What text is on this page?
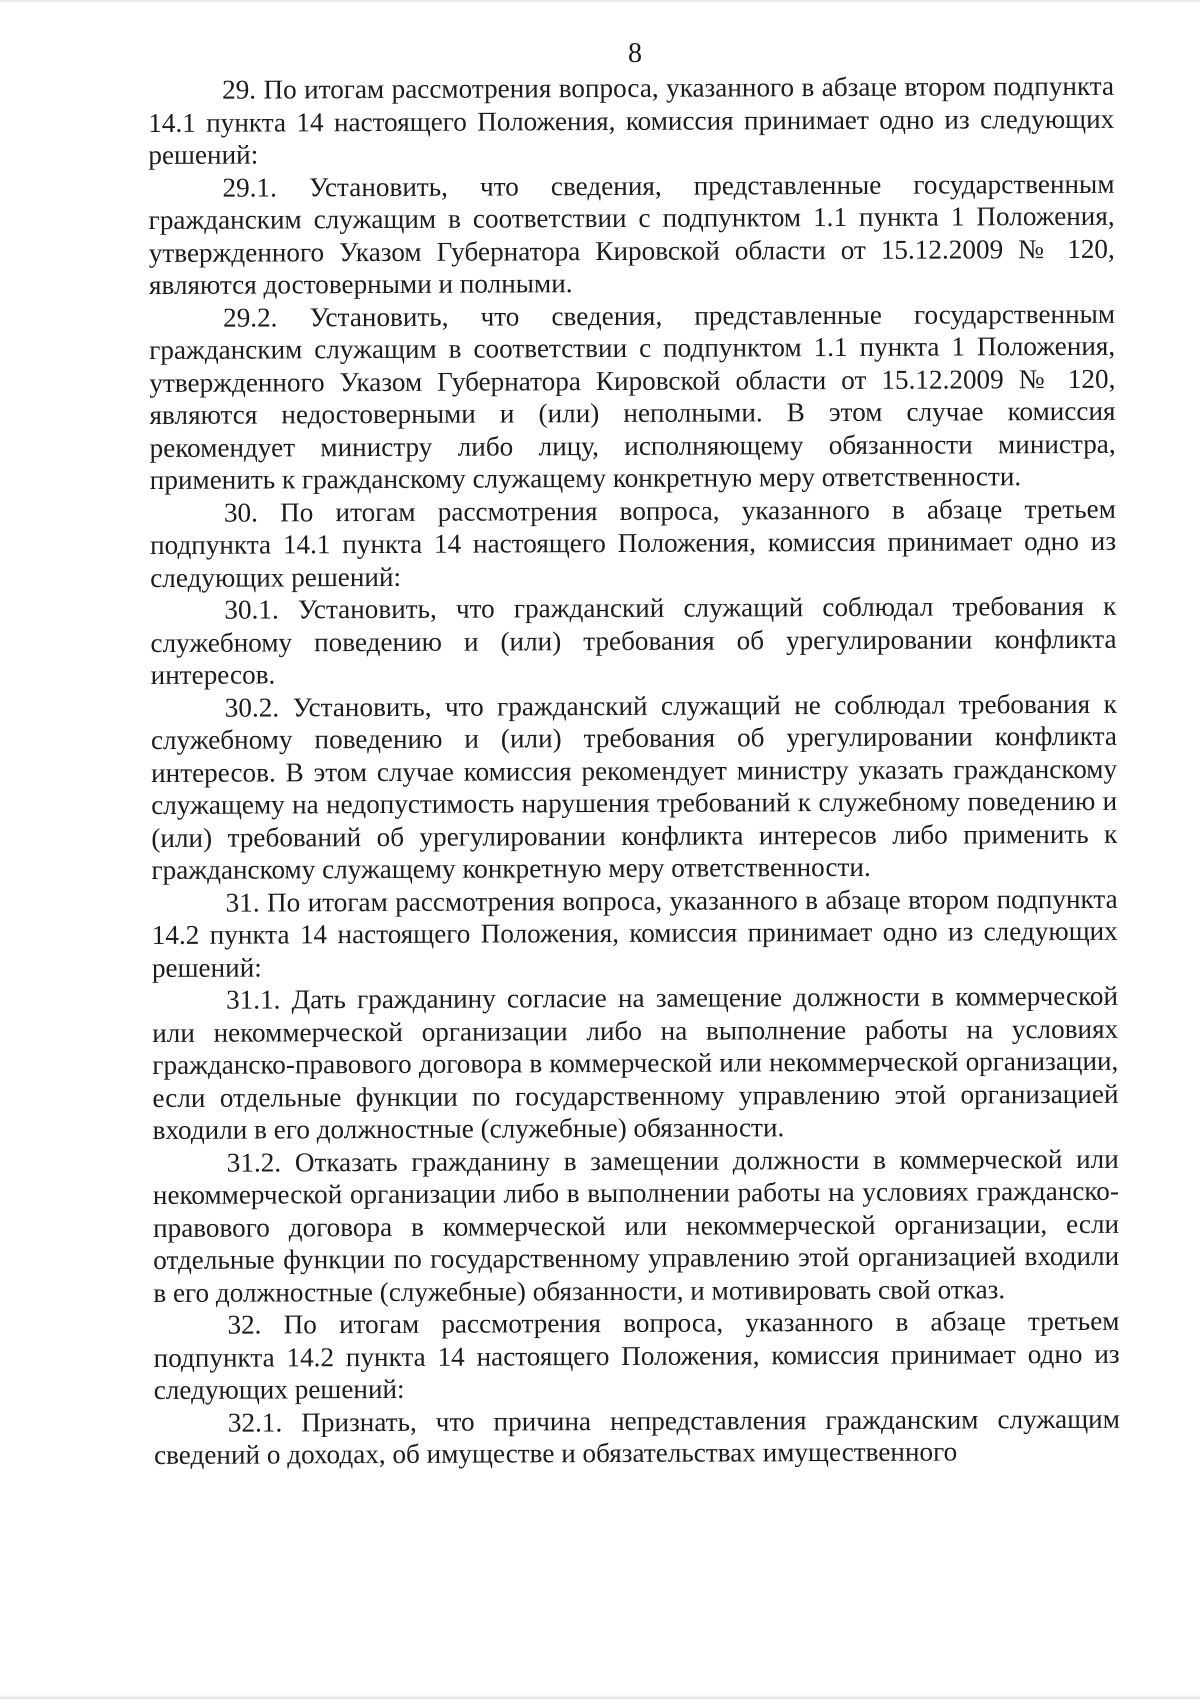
8

29. По итогам рассмотрения вопроса, указанного в абзаце втором подпункта 14.1 пункта 14 настоящего Положения, комиссия принимает одно из следующих решений:

29.1. Установить, что сведения, представленные государственным гражданским служащим в соответствии с подпунктом 1.1 пункта 1 Положения, утвержденного Указом Губернатора Кировской области от 15.12.2009 № 120, являются достоверными и полными.

29.2. Установить, что сведения, представленные государственным гражданским служащим в соответствии с подпунктом 1.1 пункта 1 Положения, утвержденного Указом Губернатора Кировской области от 15.12.2009 № 120, являются недостоверными и (или) неполными. В этом случае комиссия рекомендует министру либо лицу, исполняющему обязанности министра, применить к гражданскому служащему конкретную меру ответственности.

30. По итогам рассмотрения вопроса, указанного в абзаце третьем подпункта 14.1 пункта 14 настоящего Положения, комиссия принимает одно из следующих решений:

30.1. Установить, что гражданский служащий соблюдал требования к служебному поведению и (или) требования об урегулировании конфликта интересов.

30.2. Установить, что гражданский служащий не соблюдал требования к служебному поведению и (или) требования об урегулировании конфликта интересов. В этом случае комиссия рекомендует министру указать гражданскому служащему на недопустимость нарушения требований к служебному поведению и (или) требований об урегулировании конфликта интересов либо применить к гражданскому служащему конкретную меру ответственности.

31. По итогам рассмотрения вопроса, указанного в абзаце втором подпункта 14.2 пункта 14 настоящего Положения, комиссия принимает одно из следующих решений:

31.1. Дать гражданину согласие на замещение должности в коммерческой или некоммерческой организации либо на выполнение работы на условиях гражданско-правового договора в коммерческой или некоммерческой организации, если отдельные функции по государственному управлению этой организацией входили в его должностные (служебные) обязанности.

31.2. Отказать гражданину в замещении должности в коммерческой или некоммерческой организации либо в выполнении работы на условиях гражданско-правового договора в коммерческой или некоммерческой организации, если отдельные функции по государственному управлению этой организацией входили в его должностные (служебные) обязанности, и мотивировать свой отказ.

32. По итогам рассмотрения вопроса, указанного в абзаце третьем подпункта 14.2 пункта 14 настоящего Положения, комиссия принимает одно из следующих решений:

32.1. Признать, что причина непредставления гражданским служащим сведений о доходах, об имуществе и обязательствах имущественного
